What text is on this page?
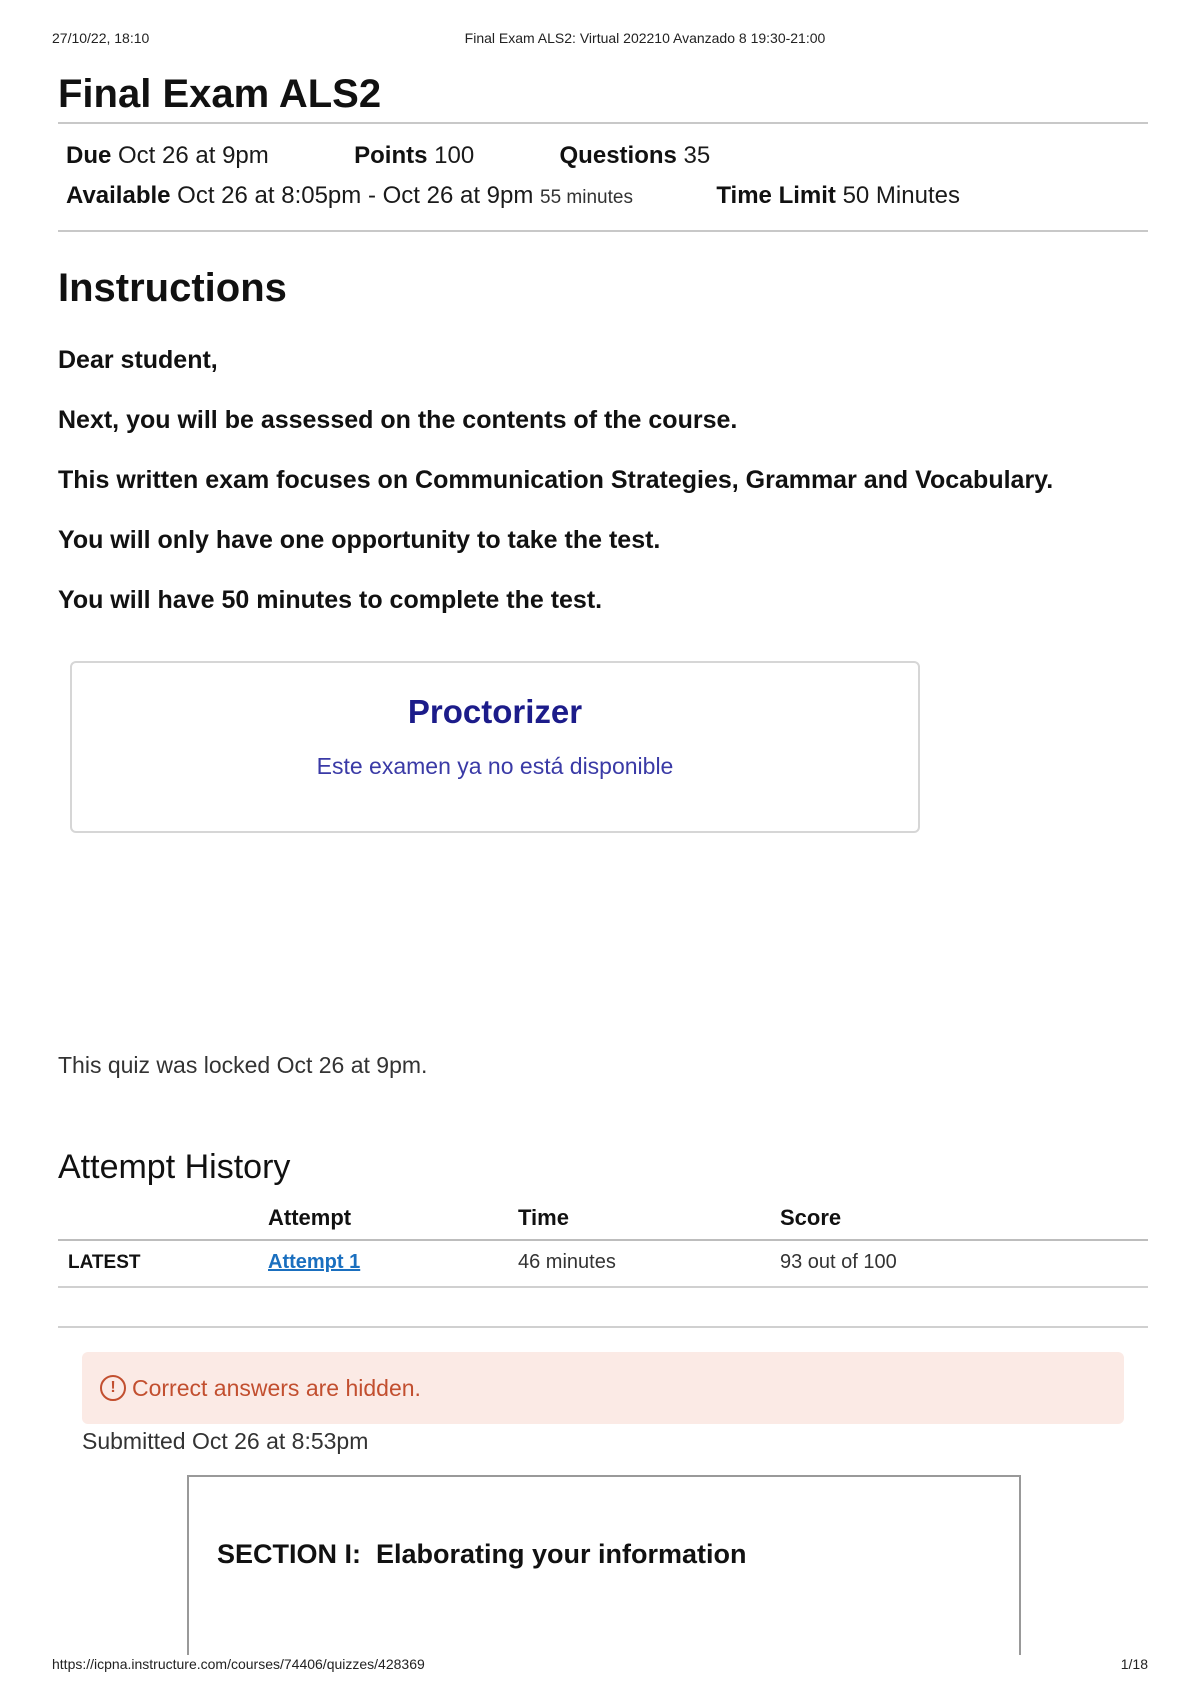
27/10/22, 18:10	Final Exam ALS2: Virtual 202210 Avanzado 8 19:30-21:00
Final Exam ALS2
Due Oct 26 at 9pm	Points 100	Questions 35
Available Oct 26 at 8:05pm - Oct 26 at 9pm 55 minutes	Time Limit 50 Minutes
Instructions

Dear student,

Next, you will be assessed on the contents of the course.

This written exam focuses on Communication Strategies, Grammar and Vocabulary.

You will only have one opportunity to take the test.

You will have 50 minutes to complete the test.

Proctorizer
Este examen ya no está disponible
This quiz was locked Oct 26 at 9pm.
Attempt History
	Attempt	Time	Score
LATEST	Attempt 1	46 minutes	93 out of 100
! Correct answers are hidden.
Submitted Oct 26 at 8:53pm
SECTION I:  Elaborating your information
https://icpna.instructure.com/courses/74406/quizzes/428369	1/18
